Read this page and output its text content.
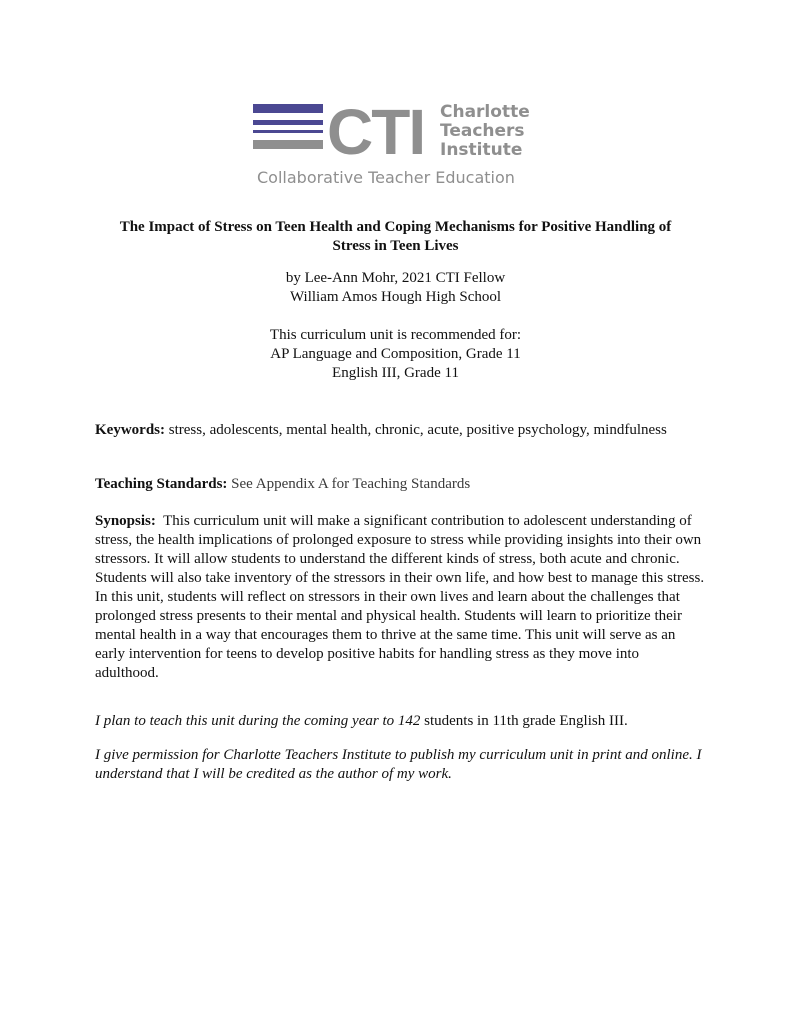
CTI Charlotte
Teachers
Institute
Collaborative Teacher Education
The Impact of Stress on Teen Health and Coping Mechanisms for Positive Handling of
Stress in Teen Lives
by Lee-Ann Mohr, 2021 CTI Fellow
William Amos Hough High School
This curriculum unit is recommended for:
AP Language and Composition, Grade 11
English III, Grade 11

Keywords: stress, adolescents, mental health, chronic, acute, positive psychology, mindfulness

Teaching Standards: See Appendix A for Teaching Standards

Synopsis: This curriculum unit will make a significant contribution to adolescent understanding of stress, the health implications of prolonged exposure to stress while providing insights into their own stressors. It will allow students to understand the different kinds of stress, both acute and chronic. Students will also take inventory of the stressors in their own life, and how best to manage this stress. In this unit, students will reflect on stressors in their own lives and learn about the challenges that prolonged stress presents to their mental and physical health. Students will learn to prioritize their mental health in a way that encourages them to thrive at the same time. This unit will serve as an early intervention for teens to develop positive habits for handling stress as they move into adulthood.

I plan to teach this unit during the coming year to 142 students in 11th grade English III.

I give permission for Charlotte Teachers Institute to publish my curriculum unit in print and online. I understand that I will be credited as the author of my work.
